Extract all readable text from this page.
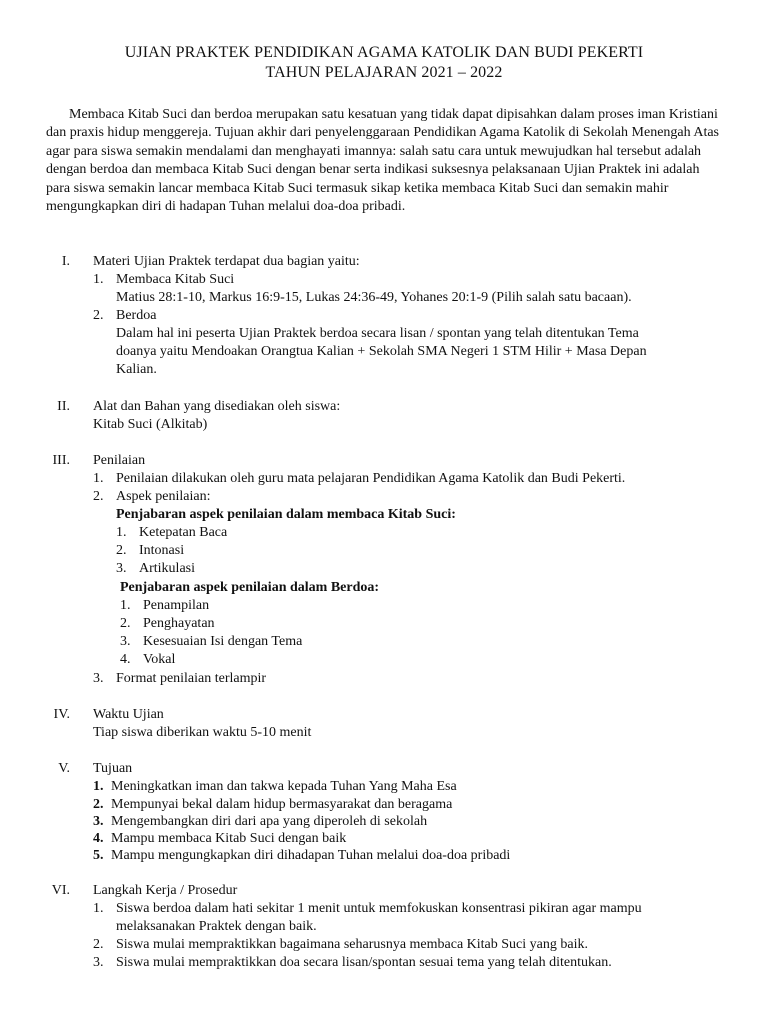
UJIAN PRAKTEK PENDIDIKAN AGAMA KATOLIK DAN BUDI PEKERTI
TAHUN PELAJARAN 2021 – 2022

Membaca Kitab Suci dan berdoa merupakan satu kesatuan yang tidak dapat dipisahkan dalam proses iman Kristiani dan praxis hidup menggereja. Tujuan akhir dari penyelenggaraan Pendidikan Agama Katolik di Sekolah Menengah Atas agar para siswa semakin mendalami dan menghayati imannya: salah satu cara untuk mewujudkan hal tersebut adalah dengan berdoa dan membaca Kitab Suci dengan benar serta indikasi suksesnya pelaksanaan Ujian Praktek ini adalah para siswa semakin lancar membaca Kitab Suci termasuk sikap ketika membaca Kitab Suci dan semakin mahir mengungkapkan diri di hadapan Tuhan melalui doa-doa pribadi.

I. Materi Ujian Praktek terdapat dua bagian yaitu:
1. Membaca Kitab Suci
Matius 28:1-10, Markus 16:9-15, Lukas 24:36-49, Yohanes 20:1-9 (Pilih salah satu bacaan).
2. Berdoa
Dalam hal ini peserta Ujian Praktek berdoa secara lisan / spontan yang telah ditentukan Tema
doanya yaitu Mendoakan Orangtua Kalian + Sekolah SMA Negeri 1 STM Hilir + Masa Depan
Kalian.
II. Alat dan Bahan yang disediakan oleh siswa:
Kitab Suci (Alkitab)
III. Penilaian
1. Penilaian dilakukan oleh guru mata pelajaran Pendidikan Agama Katolik dan Budi Pekerti.
2. Aspek penilaian:
Penjabaran aspek penilaian dalam membaca Kitab Suci:
1. Ketepatan Baca
2. Intonasi
3. Artikulasi
Penjabaran aspek penilaian dalam Berdoa:
1. Penampilan
2. Penghayatan
3. Kesesuaian Isi dengan Tema
4. Vokal
3. Format penilaian terlampir
IV. Waktu Ujian
Tiap siswa diberikan waktu 5-10 menit
V. Tujuan
1. Meningkatkan iman dan takwa kepada Tuhan Yang Maha Esa
2. Mempunyai bekal dalam hidup bermasyarakat dan beragama
3. Mengembangkan diri dari apa yang diperoleh di sekolah
4. Mampu membaca Kitab Suci dengan baik
5. Mampu mengungkapkan diri dihadapan Tuhan melalui doa-doa pribadi
VI. Langkah Kerja / Prosedur
1. Siswa berdoa dalam hati sekitar 1 menit untuk memfokuskan konsentrasi pikiran agar mampu
melaksanakan Praktek dengan baik.
2. Siswa mulai mempraktikkan bagaimana seharusnya membaca Kitab Suci yang baik.
3. Siswa mulai mempraktikkan doa secara lisan/spontan sesuai tema yang telah ditentukan.
